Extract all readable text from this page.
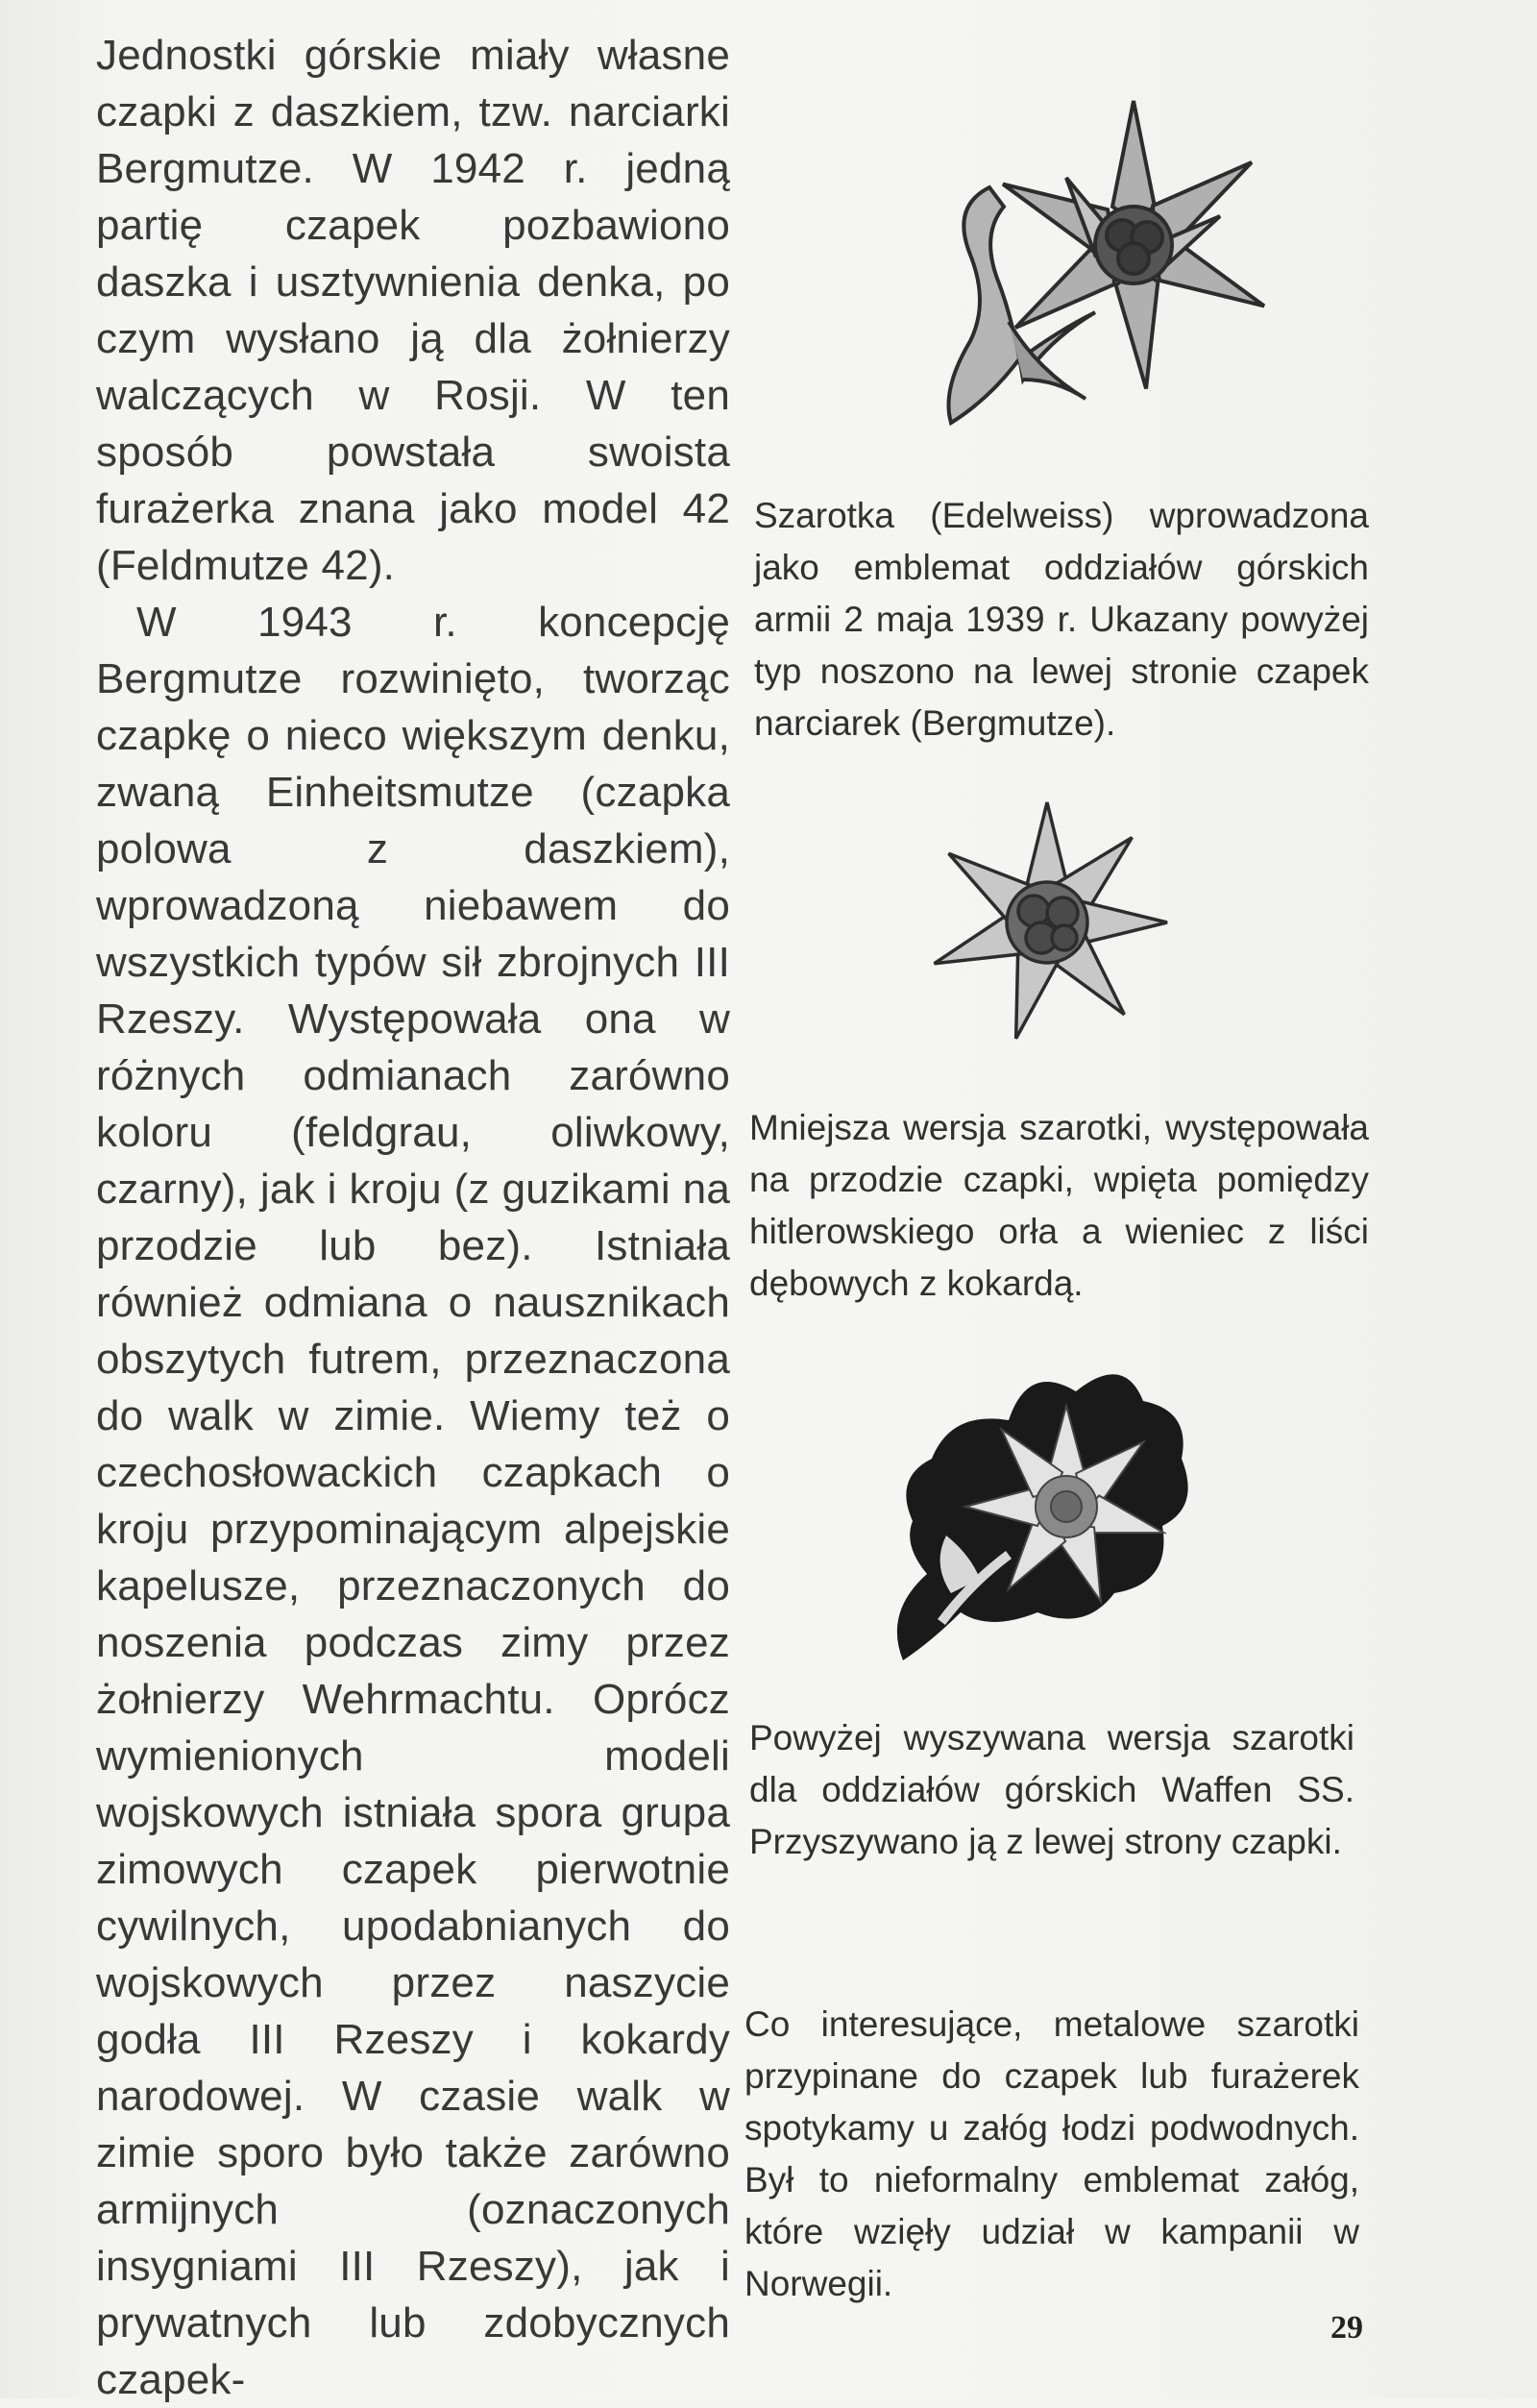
Jednostki górskie miały własne czapki z daszkiem, tzw. narciarki Bergmutze. W 1942 r. jedną partię czapek pozbawiono daszka i usztywnienia denka, po czym wysłano ją dla żołnierzy walczących w Rosji. W ten sposób powstała swoista furażerka znana jako model 42 (Feldmutze 42).

W 1943 r. koncepcję Bergmutze rozwinięto, tworząc czapkę o nieco większym denku, zwaną Einheitsmutze (czapka polowa z daszkiem), wprowadzoną niebawem do wszystkich typów sił zbrojnych III Rzeszy. Występowała ona w różnych odmianach zarówno koloru (feldgrau, oliwkowy, czarny), jak i kroju (z guzikami na przodzie lub bez). Istniała również odmiana o nausznikach obszytych futrem, przeznaczona do walk w zimie. Wiemy też o czechosłowackich czapkach o kroju przypominającym alpejskie kapelusze, przeznaczonych do noszenia podczas zimy przez żołnierzy Wehrmachtu. Oprócz wymienionych modeli wojskowych istniała spora grupa zimowych czapek pierwotnie cywilnych, upodabnianych do wojskowych przez naszycie godła III Rzeszy i kokardy narodowej. W czasie walk w zimie sporo było także zarówno armijnych (oznaczonych insygniami III Rzeszy), jak i prywatnych lub zdobycznych czapek-

Szarotka (Edelweiss) wprowadzona jako emblemat oddziałów górskich armii 2 maja 1939 r. Ukazany powyżej typ noszono na lewej stronie czapek narciarek (Bergmutze).

Mniejsza wersja szarotki, występowała na przodzie czapki, wpięta pomiędzy hitlerowskiego orła a wieniec z liści dębowych z kokardą.

Powyżej wyszywana wersja szarotki dla oddziałów górskich Waffen SS. Przyszywano ją z lewej strony czapki.

Co interesujące, metalowe szarotki przypinane do czapek lub furażerek spotykamy u załóg łodzi podwodnych. Był to nieformalny emblemat załóg, które wzięły udział w kampanii w Norwegii.

29
